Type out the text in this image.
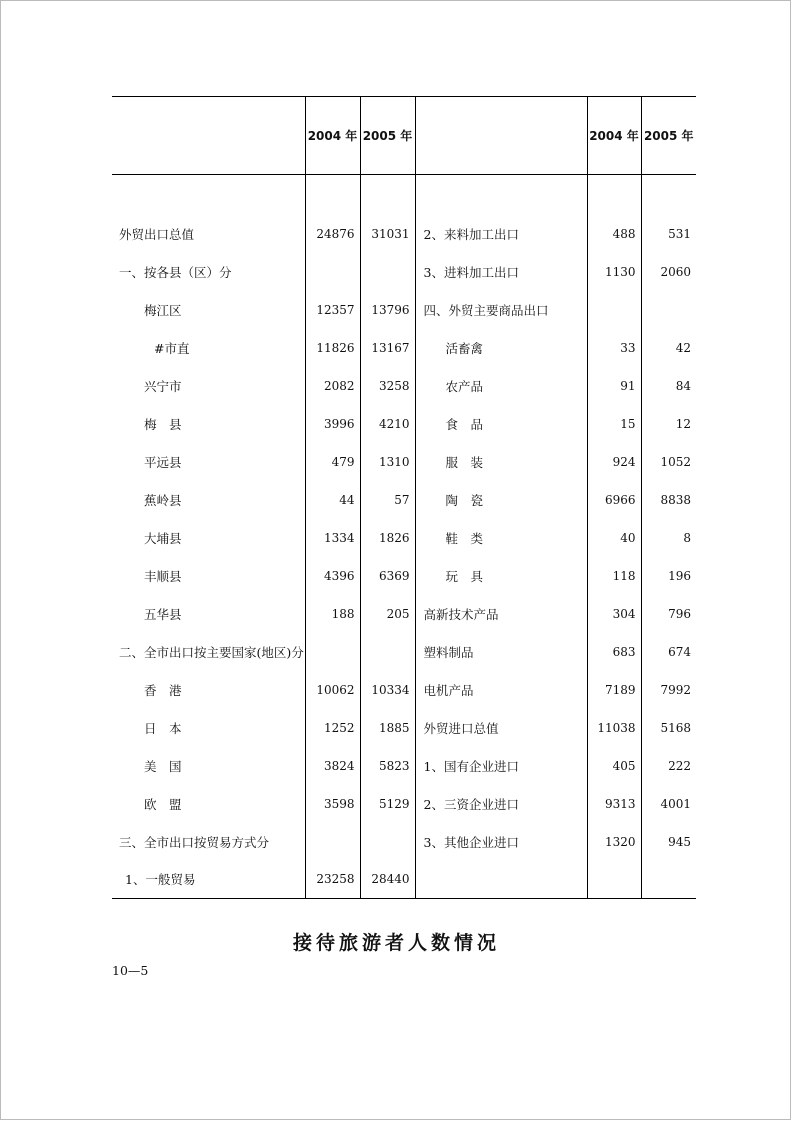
	2004 年	2005 年		2004 年	2005 年

外贸出口总值	24876	31031	2、来料加工出口	488	531
一、按各县（区）分			3、进料加工出口	1130	2060
梅江区	12357	13796	四、外贸主要商品出口		
#市直	11826	13167	活畜禽	33	42
兴宁市	2082	3258	农产品	91	84
梅　县	3996	4210	食　品	15	12
平远县	479	1310	服　装	924	1052
蕉岭县	44	57	陶　瓷	6966	8838
大埔县	1334	1826	鞋　类	40	8
丰顺县	4396	6369	玩　具	118	196
五华县	188	205	高新技术产品	304	796
二、全市出口按主要国家(地区)分			塑料制品	683	674
香　港	10062	10334	电机产品	7189	7992
日　本	1252	1885	外贸进口总值	11038	5168
美　国	3824	5823	1、国有企业进口	405	222
欧　盟	3598	5129	2、三资企业进口	9313	4001
三、全市出口按贸易方式分			3、其他企业进口	1320	945
1、一般贸易	23258	28440			
接待旅游者人数情况
10—5
